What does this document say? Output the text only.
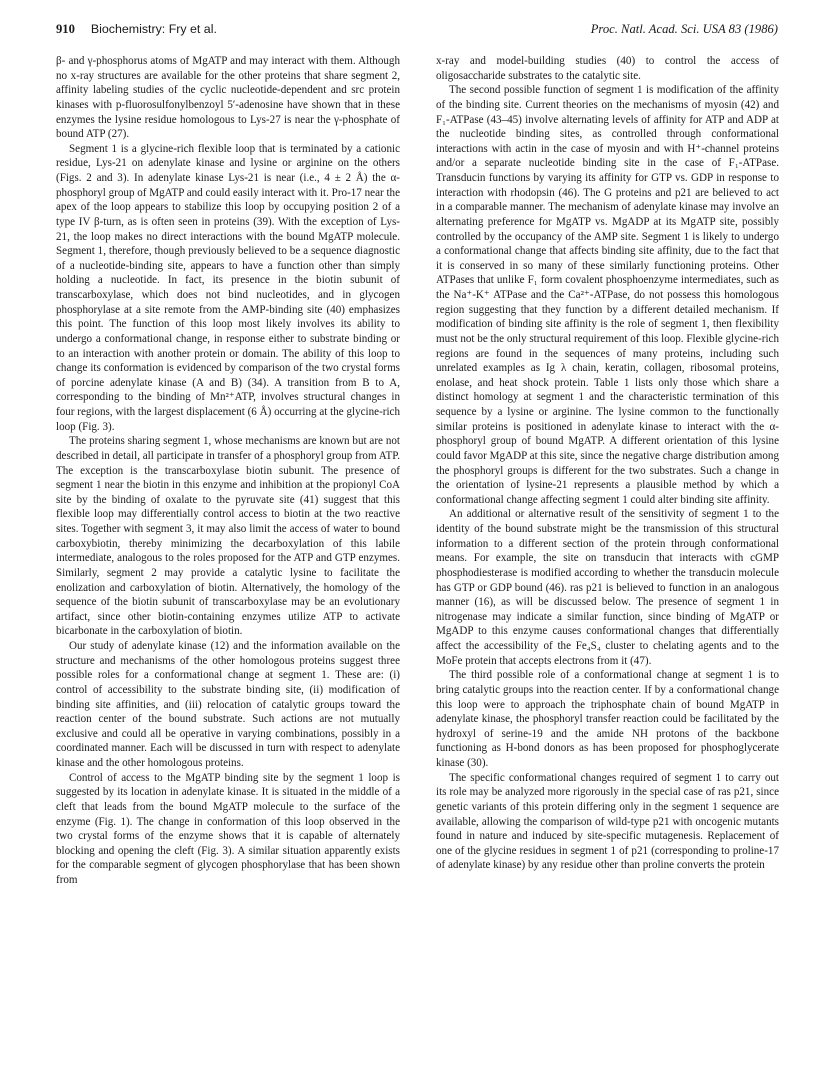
910 Biochemistry: Fry et al.	Proc. Natl. Acad. Sci. USA 83 (1986)

β- and γ-phosphorus atoms of MgATP and may interact with them. Although no x-ray structures are available for the other proteins that share segment 2, affinity labeling studies of the cyclic nucleotide-dependent and src protein kinases with p-fluorosulfonylbenzoyl 5′-adenosine have shown that in these enzymes the lysine residue homologous to Lys-27 is near the γ-phosphate of bound ATP (27).

Segment 1 is a glycine-rich flexible loop that is terminated by a cationic residue, Lys-21 on adenylate kinase and lysine or arginine on the others (Figs. 2 and 3). In adenylate kinase Lys-21 is near (i.e., 4 ± 2 Å) the α-phosphoryl group of MgATP and could easily interact with it. Pro-17 near the apex of the loop appears to stabilize this loop by occupying position 2 of a type IV β-turn, as is often seen in proteins (39). With the exception of Lys-21, the loop makes no direct interactions with the bound MgATP molecule. Segment 1, therefore, though previously believed to be a sequence diagnostic of a nucleotide-binding site, appears to have a function other than simply holding a nucleotide. In fact, its presence in the biotin subunit of transcarboxylase, which does not bind nucleotides, and in glycogen phosphorylase at a site remote from the AMP-binding site (40) emphasizes this point. The function of this loop most likely involves its ability to undergo a conformational change, in response either to substrate binding or to an interaction with another protein or domain. The ability of this loop to change its conformation is evidenced by comparison of the two crystal forms of porcine adenylate kinase (A and B) (34). A transition from B to A, corresponding to the binding of Mn²⁺ATP, involves structural changes in four regions, with the largest displacement (6 Å) occurring at the glycine-rich loop (Fig. 3).

The proteins sharing segment 1, whose mechanisms are known but are not described in detail, all participate in transfer of a phosphoryl group from ATP. The exception is the transcarboxylase biotin subunit. The presence of segment 1 near the biotin in this enzyme and inhibition at the propionyl CoA site by the binding of oxalate to the pyruvate site (41) suggest that this flexible loop may differentially control access to biotin at the two reactive sites. Together with segment 3, it may also limit the access of water to bound carboxybiotin, thereby minimizing the decarboxylation of this labile intermediate, analogous to the roles proposed for the ATP and GTP enzymes. Similarly, segment 2 may provide a catalytic lysine to facilitate the enolization and carboxylation of biotin. Alternatively, the homology of the sequence of the biotin subunit of transcarboxylase may be an evolutionary artifact, since other biotin-containing enzymes utilize ATP to activate bicarbonate in the carboxylation of biotin.

Our study of adenylate kinase (12) and the information available on the structure and mechanisms of the other homologous proteins suggest three possible roles for a conformational change at segment 1. These are: (i) control of accessibility to the substrate binding site, (ii) modification of binding site affinities, and (iii) relocation of catalytic groups toward the reaction center of the bound substrate. Such actions are not mutually exclusive and could all be operative in varying combinations, possibly in a coordinated manner. Each will be discussed in turn with respect to adenylate kinase and the other homologous proteins.

Control of access to the MgATP binding site by the segment 1 loop is suggested by its location in adenylate kinase. It is situated in the middle of a cleft that leads from the bound MgATP molecule to the surface of the enzyme (Fig. 1). The change in conformation of this loop observed in the two crystal forms of the enzyme shows that it is capable of alternately blocking and opening the cleft (Fig. 3). A similar situation apparently exists for the comparable segment of glycogen phosphorylase that has been shown from

x-ray and model-building studies (40) to control the access of oligosaccharide substrates to the catalytic site.

The second possible function of segment 1 is modification of the affinity of the binding site. Current theories on the mechanisms of myosin (42) and F₁-ATPase (43–45) involve alternating levels of affinity for ATP and ADP at the nucleotide binding sites, as controlled through conformational interactions with actin in the case of myosin and with H⁺-channel proteins and/or a separate nucleotide binding site in the case of F₁-ATPase. Transducin functions by varying its affinity for GTP vs. GDP in response to interaction with rhodopsin (46). The G proteins and p21 are believed to act in a comparable manner. The mechanism of adenylate kinase may involve an alternating preference for MgATP vs. MgADP at its MgATP site, possibly controlled by the occupancy of the AMP site. Segment 1 is likely to undergo a conformational change that affects binding site affinity, due to the fact that it is conserved in so many of these similarly functioning proteins. Other ATPases that unlike F₁ form covalent phosphoenzyme intermediates, such as the Na⁺-K⁺ ATPase and the Ca²⁺-ATPase, do not possess this homologous region suggesting that they function by a different detailed mechanism. If modification of binding site affinity is the role of segment 1, then flexibility must not be the only structural requirement of this loop. Flexible glycine-rich regions are found in the sequences of many proteins, including such unrelated examples as Ig λ chain, keratin, collagen, ribosomal proteins, enolase, and heat shock protein. Table 1 lists only those which share a distinct homology at segment 1 and the characteristic termination of this sequence by a lysine or arginine. The lysine common to the functionally similar proteins is positioned in adenylate kinase to interact with the α-phosphoryl group of bound MgATP. A different orientation of this lysine could favor MgADP at this site, since the negative charge distribution among the phosphoryl groups is different for the two substrates. Such a change in the orientation of lysine-21 represents a plausible method by which a conformational change affecting segment 1 could alter binding site affinity.

An additional or alternative result of the sensitivity of segment 1 to the identity of the bound substrate might be the transmission of this structural information to a different section of the protein through conformational means. For example, the site on transducin that interacts with cGMP phosphodiesterase is modified according to whether the transducin molecule has GTP or GDP bound (46). ras p21 is believed to function in an analogous manner (16), as will be discussed below. The presence of segment 1 in nitrogenase may indicate a similar function, since binding of MgATP or MgADP to this enzyme causes conformational changes that differentially affect the accessibility of the Fe₄S₄ cluster to chelating agents and to the MoFe protein that accepts electrons from it (47).

The third possible role of a conformational change at segment 1 is to bring catalytic groups into the reaction center. If by a conformational change this loop were to approach the triphosphate chain of bound MgATP in adenylate kinase, the phosphoryl transfer reaction could be facilitated by the hydroxyl of serine-19 and the amide NH protons of the backbone functioning as H-bond donors as has been proposed for phosphoglycerate kinase (30).

The specific conformational changes required of segment 1 to carry out its role may be analyzed more rigorously in the special case of ras p21, since genetic variants of this protein differing only in the segment 1 sequence are available, allowing the comparison of wild-type p21 with oncogenic mutants found in nature and induced by site-specific mutagenesis. Replacement of one of the glycine residues in segment 1 of p21 (corresponding to proline-17 of adenylate kinase) by any residue other than proline converts the protein
